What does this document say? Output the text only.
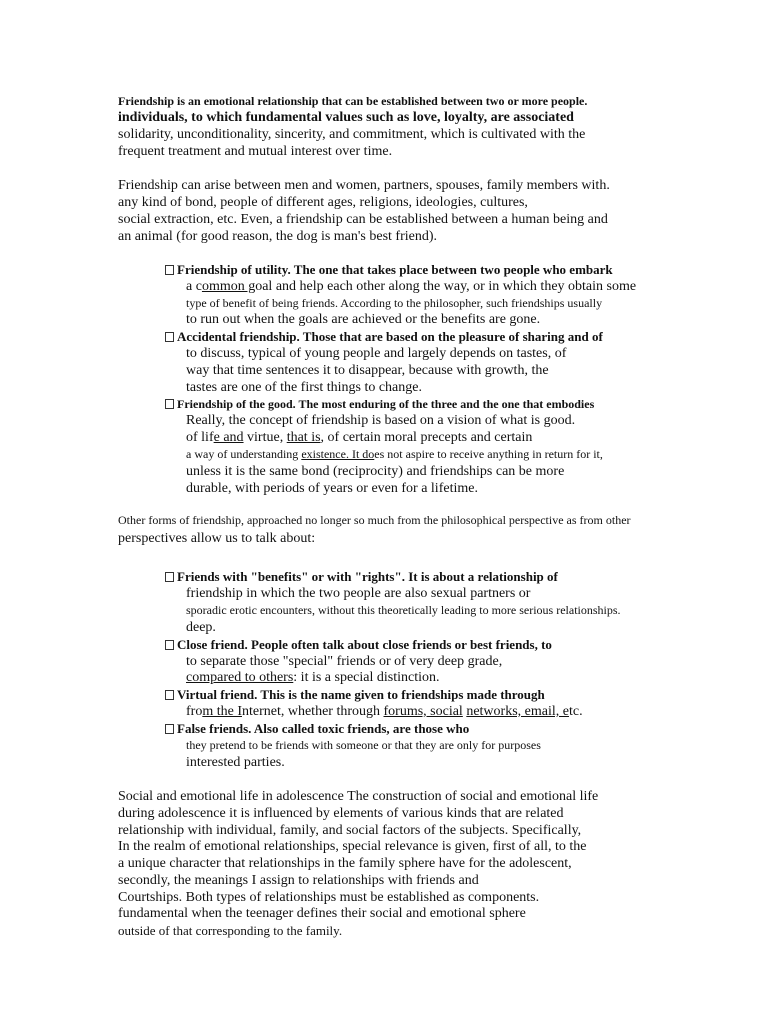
Friendship is an emotional relationship that can be established between two or more people.
individuals, to which fundamental values such as love, loyalty, are associated
solidarity, unconditionality, sincerity, and commitment, which is cultivated with the
frequent treatment and mutual interest over time.
Friendship can arise between men and women, partners, spouses, family members with.
any kind of bond, people of different ages, religions, ideologies, cultures,
social extraction, etc. Even, a friendship can be established between a human being and
an animal (for good reason, the dog is man's best friend).
Friendship of utility. The one that takes place between two people who embark
a common goal and help each other along the way, or in which they obtain some
type of benefit of being friends. According to the philosopher, such friendships usually
to run out when the goals are achieved or the benefits are gone.
Accidental friendship. Those that are based on the pleasure of sharing and of
to discuss, typical of young people and largely depends on tastes, of
way that time sentences it to disappear, because with growth, the
tastes are one of the first things to change.
Friendship of the good. The most enduring of the three and the one that embodies
Really, the concept of friendship is based on a vision of what is good.
of life and virtue, that is, of certain moral precepts and certain
a way of understanding existence. It does not aspire to receive anything in return for it,
unless it is the same bond (reciprocity) and friendships can be more
durable, with periods of years or even for a lifetime.
Other forms of friendship, approached no longer so much from the philosophical perspective as from other
perspectives allow us to talk about:
Friends with "benefits" or with "rights". It is about a relationship of
friendship in which the two people are also sexual partners or
sporadic erotic encounters, without this theoretically leading to more serious relationships.
deep.
Close friend. People often talk about close friends or best friends, to
to separate those "special" friends or of very deep grade,
compared to others: it is a special distinction.
Virtual friend. This is the name given to friendships made through
from the Internet, whether through forums, social networks, email, etc.
False friends. Also called toxic friends, are those who
they pretend to be friends with someone or that they are only for purposes
interested parties.
Social and emotional life in adolescence The construction of social and emotional life
during adolescence it is influenced by elements of various kinds that are related
relationship with individual, family, and social factors of the subjects. Specifically,
In the realm of emotional relationships, special relevance is given, first of all, to the
a unique character that relationships in the family sphere have for the adolescent,
secondly, the meanings I assign to relationships with friends and
Courtships. Both types of relationships must be established as components.
fundamental when the teenager defines their social and emotional sphere
outside of that corresponding to the family.
